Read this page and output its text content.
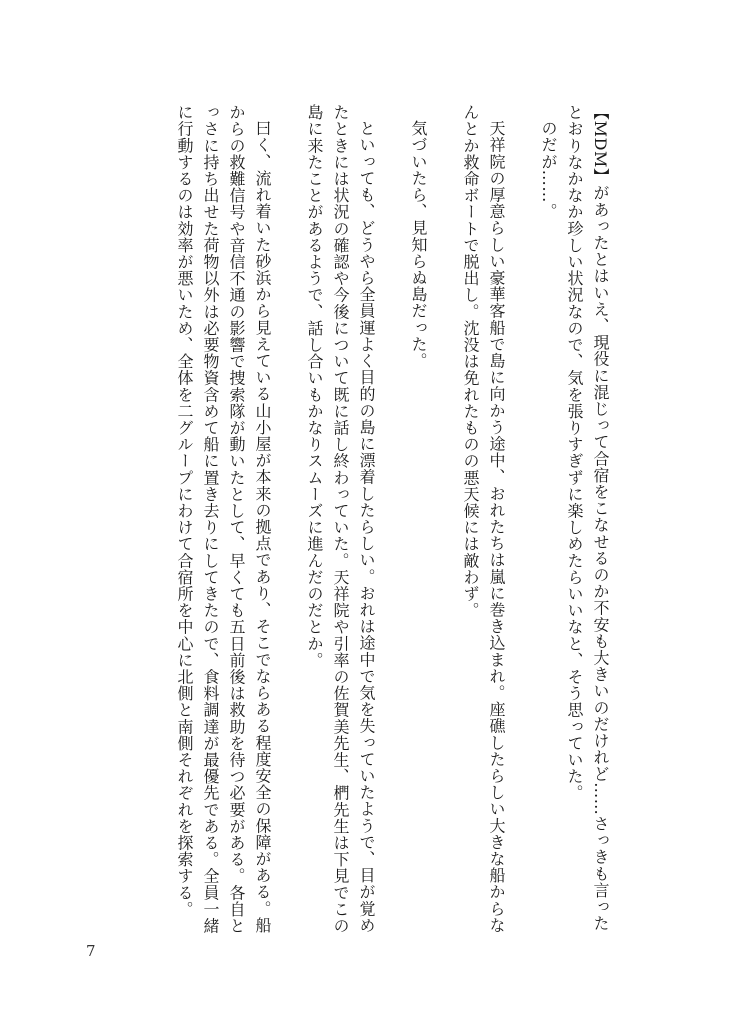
【MDM】があったとはいえ、現役に混じって合宿をこなせるのか不安も大きいのだけれど……さっきも言ったとおりなかなか珍しい状況なので、気を張りすぎずに楽しめたらいいなと、そう思っていた。

のだが……。

天祥院の厚意らしい豪華客船で島に向かう途中、おれたちは嵐に巻き込まれ。座礁したらしい大きな船からなんとか救命ボートで脱出し。沈没は免れたものの悪天候には敵わず。

気づいたら、見知らぬ島だった。

といっても、どうやら全員運よく目的の島に漂着したらしい。おれは途中で気を失っていたようで、目が覚めたときには状況の確認や今後について既に話し終わっていた。天祥院や引率の佐賀美先生、椚先生は下見でこの島に来たことがあるようで、話し合いもかなりスムーズに進んだのだとか。

曰く、流れ着いた砂浜から見えている山小屋が本来の拠点であり、そこでならある程度安全の保障がある。船からの救難信号や音信不通の影響で捜索隊が動いたとして、早くても五日前後は救助を待つ必要がある。各自とっさに持ち出せた荷物以外は必要物資含めて船に置き去りにしてきたので、食料調達が最優先である。全員一緒に行動するのは効率が悪いため、全体を二グループにわけて合宿所を中心に北側と南側それぞれを探索する。

7
